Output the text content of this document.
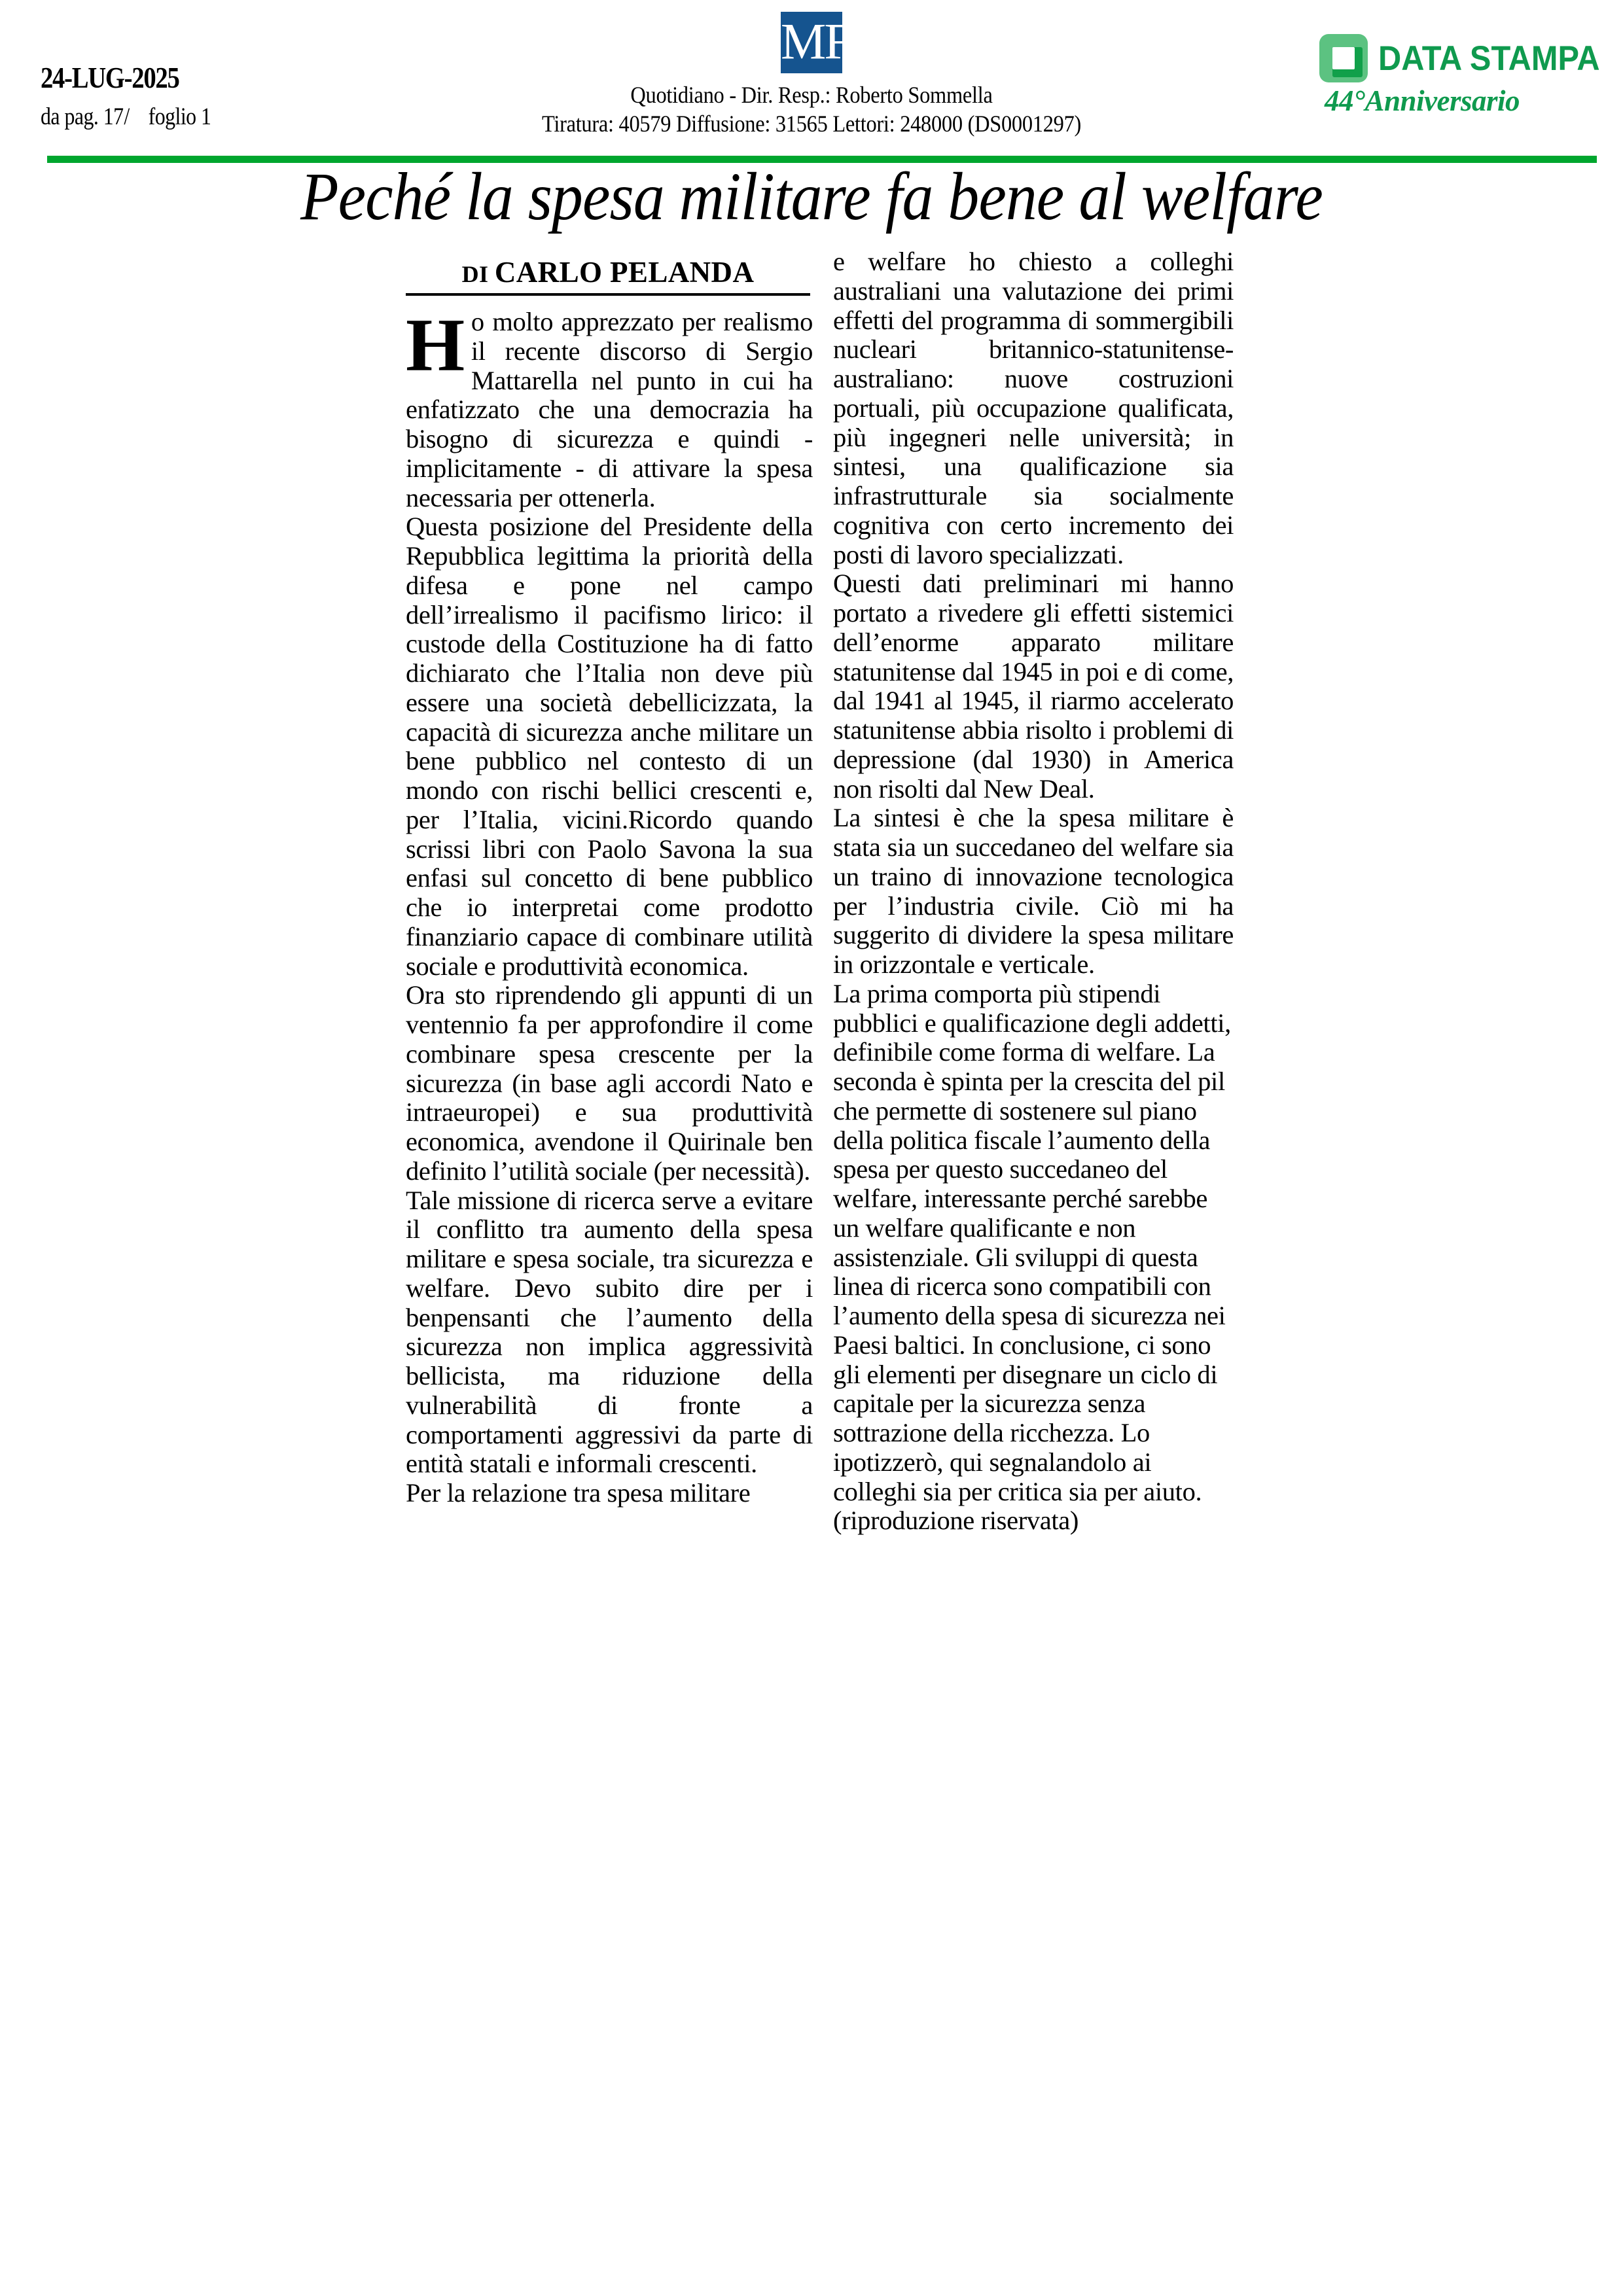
24-LUG-2025
da pag. 17/ foglio 1
MF
Quotidiano - Dir. Resp.: Roberto Sommella
Tiratura: 40579 Diffusione: 31565 Lettori: 248000 (DS0001297)
DATA STAMPA
44°Anniversario
Peché la spesa militare fa bene al welfare
DI CARLO PELANDA

Ho molto apprezzato per realismo il recente discorso di Sergio Mattarella nel punto in cui ha enfatizzato che una democrazia ha bisogno di sicurezza e quindi - implicitamente - di attivare la spesa necessaria per ottenerla.

Questa posizione del Presidente della Repubblica legittima la priorità della difesa e pone nel campo dell’irrealismo il pacifismo lirico: il custode della Costituzione ha di fatto dichiarato che l’Italia non deve più essere una società debellicizzata, la capacità di sicurezza anche militare un bene pubblico nel contesto di un mondo con rischi bellici crescenti e, per l’Italia, vicini.Ricordo quando scrissi libri con Paolo Savona la sua enfasi sul concetto di bene pubblico che io interpretai come prodotto finanziario capace di combinare utilità sociale e produttività economica.

Ora sto riprendendo gli appunti di un ventennio fa per approfondire il come combinare spesa crescente per la sicurezza (in base agli accordi Nato e intraeuropei) e sua produttività economica, avendone il Quirinale ben definito l’utilità sociale (per necessità).

Tale missione di ricerca serve a evitare il conflitto tra aumento della spesa militare e spesa sociale, tra sicurezza e welfare. Devo subito dire per i benpensanti che l’aumento della sicurezza non implica aggressività bellicista, ma riduzione della vulnerabilità di fronte a comportamenti aggressivi da parte di entità statali e informali crescenti.

Per la relazione tra spesa militare

e welfare ho chiesto a colleghi australiani una valutazione dei primi effetti del programma di sommergibili nucleari britannico-statunitense-australiano: nuove costruzioni portuali, più occupazione qualificata, più ingegneri nelle università; in sintesi, una qualificazione sia infrastrutturale sia socialmente cognitiva con certo incremento dei posti di lavoro specializzati.

Questi dati preliminari mi hanno portato a rivedere gli effetti sistemici dell’enorme apparato militare statunitense dal 1945 in poi e di come, dal 1941 al 1945, il riarmo accelerato statunitense abbia risolto i problemi di depressione (dal 1930) in America non risolti dal New Deal.

La sintesi è che la spesa militare è stata sia un succedaneo del welfare sia un traino di innovazione tecnologica per l’industria civile. Ciò mi ha suggerito di dividere la spesa militare in orizzontale e verticale.

La prima comporta più stipendi pubblici e qualificazione degli addetti, definibile come forma di welfare. La seconda è spinta per la crescita del pil che permette di sostenere sul piano della politica fiscale l’aumento della spesa per questo succedaneo del welfare, interessante perché sarebbe un welfare qualificante e non assistenziale. Gli sviluppi di questa linea di ricerca sono compatibili con l’aumento della spesa di sicurezza nei Paesi baltici. In conclusione, ci sono gli elementi per disegnare un ciclo di capitale per la sicurezza senza sottrazione della ricchezza. Lo ipotizzerò, qui segnalandolo ai colleghi sia per critica sia per aiuto. (riproduzione riservata)
